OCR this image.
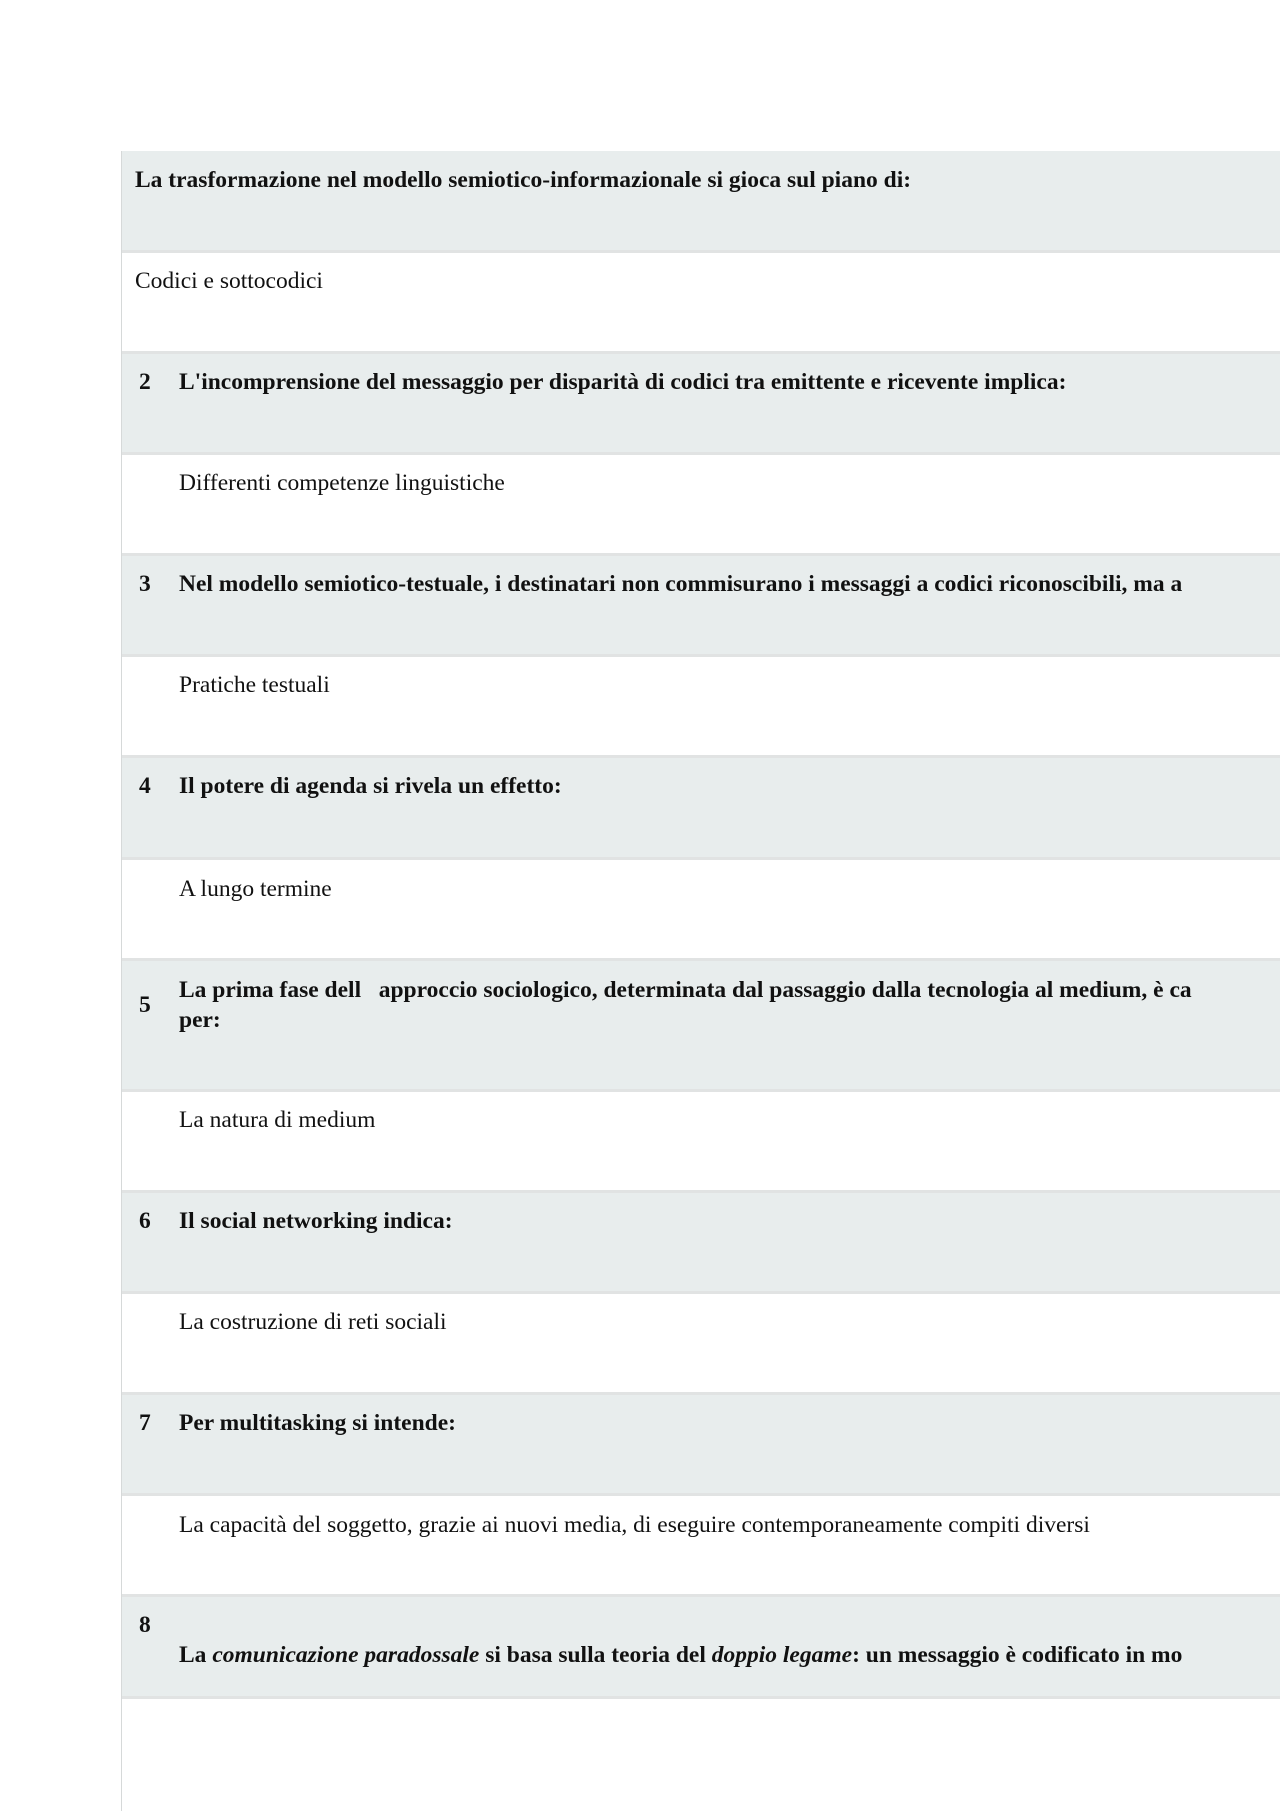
La trasformazione nel modello semiotico-informazionale si gioca sul piano di:
Codici e sottocodici
2 L'incomprensione del messaggio per disparità di codici tra emittente e ricevente implica:
Differenti competenze linguistiche
3 Nel modello semiotico-testuale, i destinatari non commisurano i messaggi a codici riconoscibili, ma a
Pratiche testuali
4 Il potere di agenda si rivela un effetto:
A lungo termine
5
La prima fase dell   approccio sociologico, determinata dal passaggio dalla tecnologia al medium, è ca
per:
La natura di medium
6 Il social networking indica:
La costruzione di reti sociali
7 Per multitasking si intende:
La capacità del soggetto, grazie ai nuovi media, di eseguire contemporaneamente compiti diversi
8
La comunicazione paradossale si basa sulla teoria del doppio legame: un messaggio è codificato in mo
